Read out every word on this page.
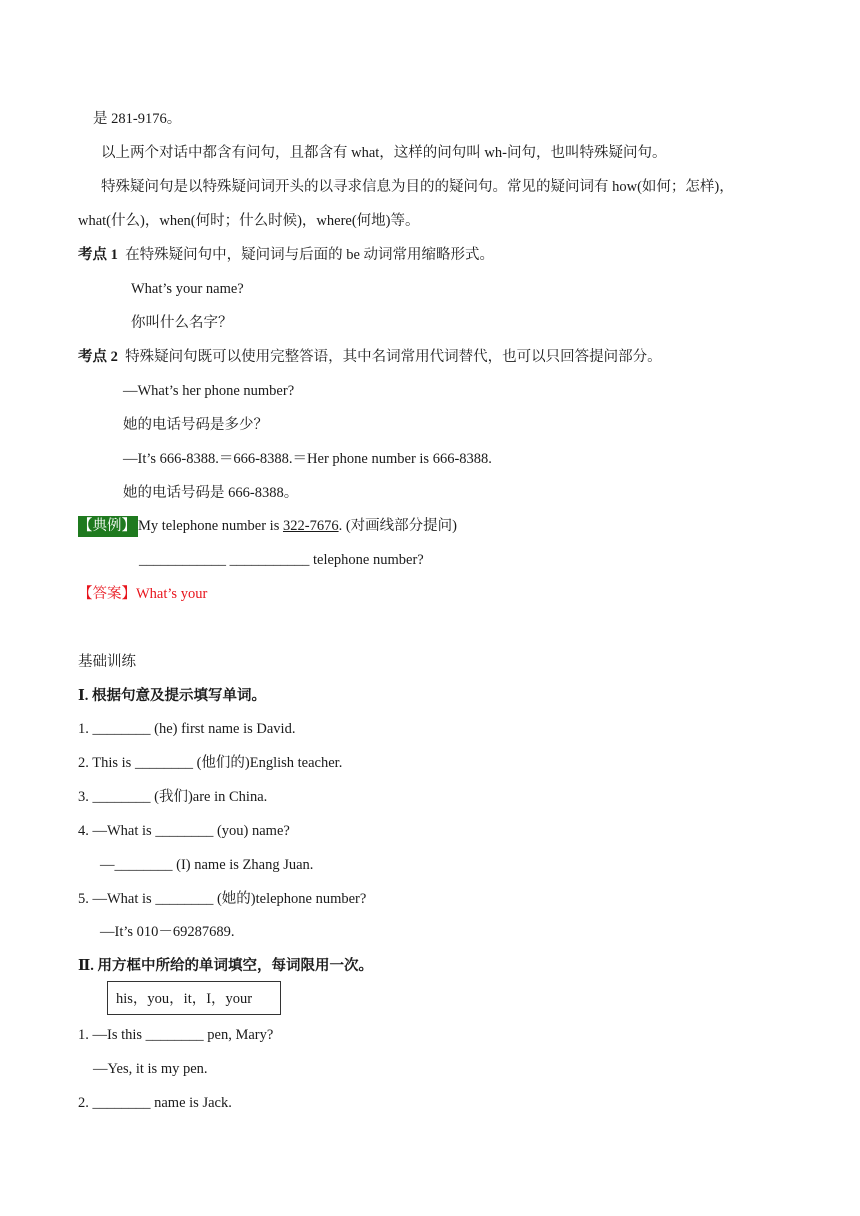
是 281-9176。
以上两个对话中都含有问句，且都含有 what，这样的问句叫 wh-问句，也叫特殊疑问句。
特殊疑问句是以特殊疑问词开头的以寻求信息为目的的疑问句。常见的疑问词有 how(如何；怎样)，
what(什么)，when(何时；什么时候)，where(何地)等。
考点 1 在特殊疑问句中，疑问词与后面的 be 动词常用缩略形式。
What’s your name?
你叫什么名字？
考点 2 特殊疑问句既可以使用完整答语，其中名词常用代词替代，也可以只回答提问部分。
—What’s her phone number?
她的电话号码是多少？
—It’s 666-8388.＝666-8388.＝Her phone number is 666-8388.
她的电话号码是 666-8388。
【典例】 My telephone number is 322-7676. (对画线部分提问)
____________ ___________ telephone number?
【答案】What’s your
基础训练
Ⅰ. 根据句意及提示填写单词。
1. ________ (he) first name is David.
2. This is ________ (他们的)English teacher.
3. ________ (我们)are in China.
4. —What is ________ (you) name?
—________ (I) name is Zhang Juan.
5. —What is ________ (她的)telephone number?
—It’s 010－69287689.
Ⅱ. 用方框中所给的单词填空，每词限用一次。
his，you，it，I，your
1. —Is this ________ pen, Mary?
—Yes, it is my pen.
2. ________ name is Jack.
